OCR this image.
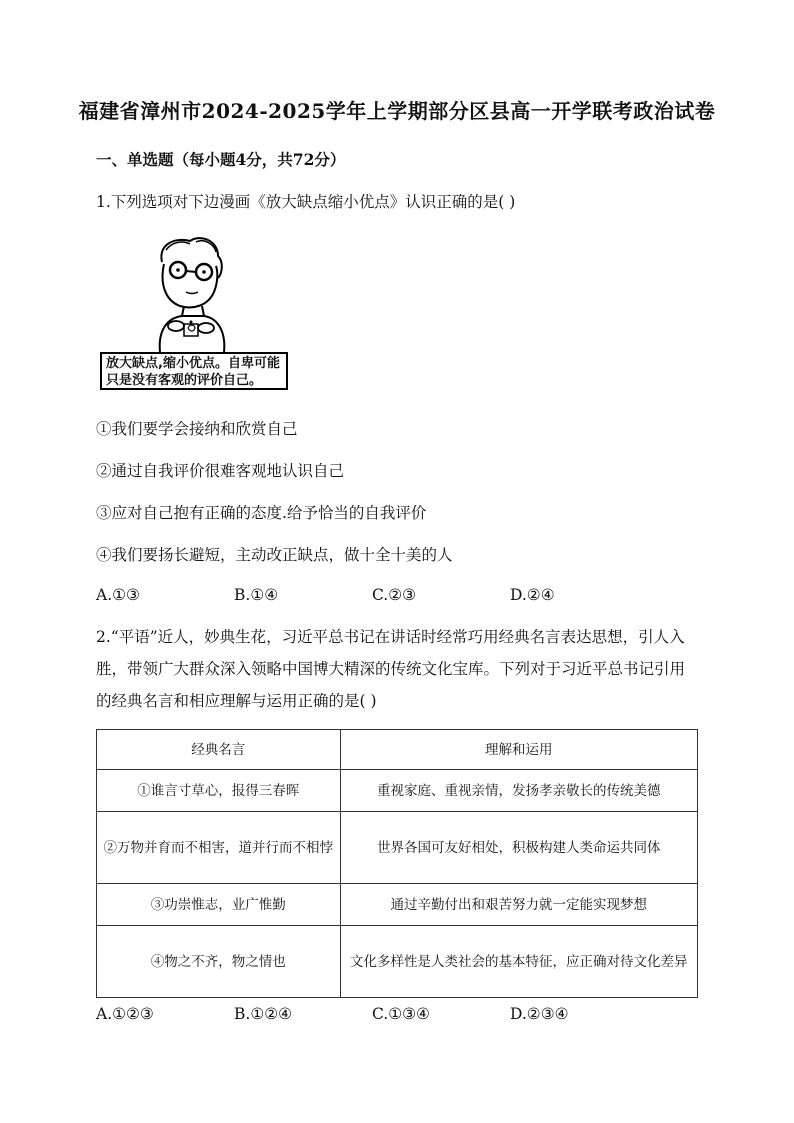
福建省漳州市2024-2025学年上学期部分区县高一开学联考政治试卷
一、单选题（每小题4分，共72分）
1.下列选项对下边漫画《放大缺点缩小优点》认识正确的是( )
放大缺点,缩小优点。自卑可能只是没有客观的评价自己。
①我们要学会接纳和欣赏自己
②通过自我评价很难客观地认识自己
③应对自己抱有正确的态度.给予恰当的自我评价
④我们要扬长避短，主动改正缺点，做十全十美的人
A.①③	B.①④	C.②③	D.②④
2.“平语”近人，妙典生花，习近平总书记在讲话时经常巧用经典名言表达思想，引人入胜，带领广大群众深入领略中国博大精深的传统文化宝库。下列对于习近平总书记引用的经典名言和相应理解与运用正确的是( )
经典名言	理解和运用
①谁言寸草心，报得三春晖	重视家庭、重视亲情，发扬孝亲敬长的传统美德
②万物并育而不相害，道并行而不相悖	世界各国可友好相处，积极构建人类命运共同体
③功崇惟志，业广惟勤	通过辛勤付出和艰苦努力就一定能实现梦想
④物之不齐，物之情也	文化多样性是人类社会的基本特征，应正确对待文化差异
A.①②③	B.①②④	C.①③④	D.②③④
